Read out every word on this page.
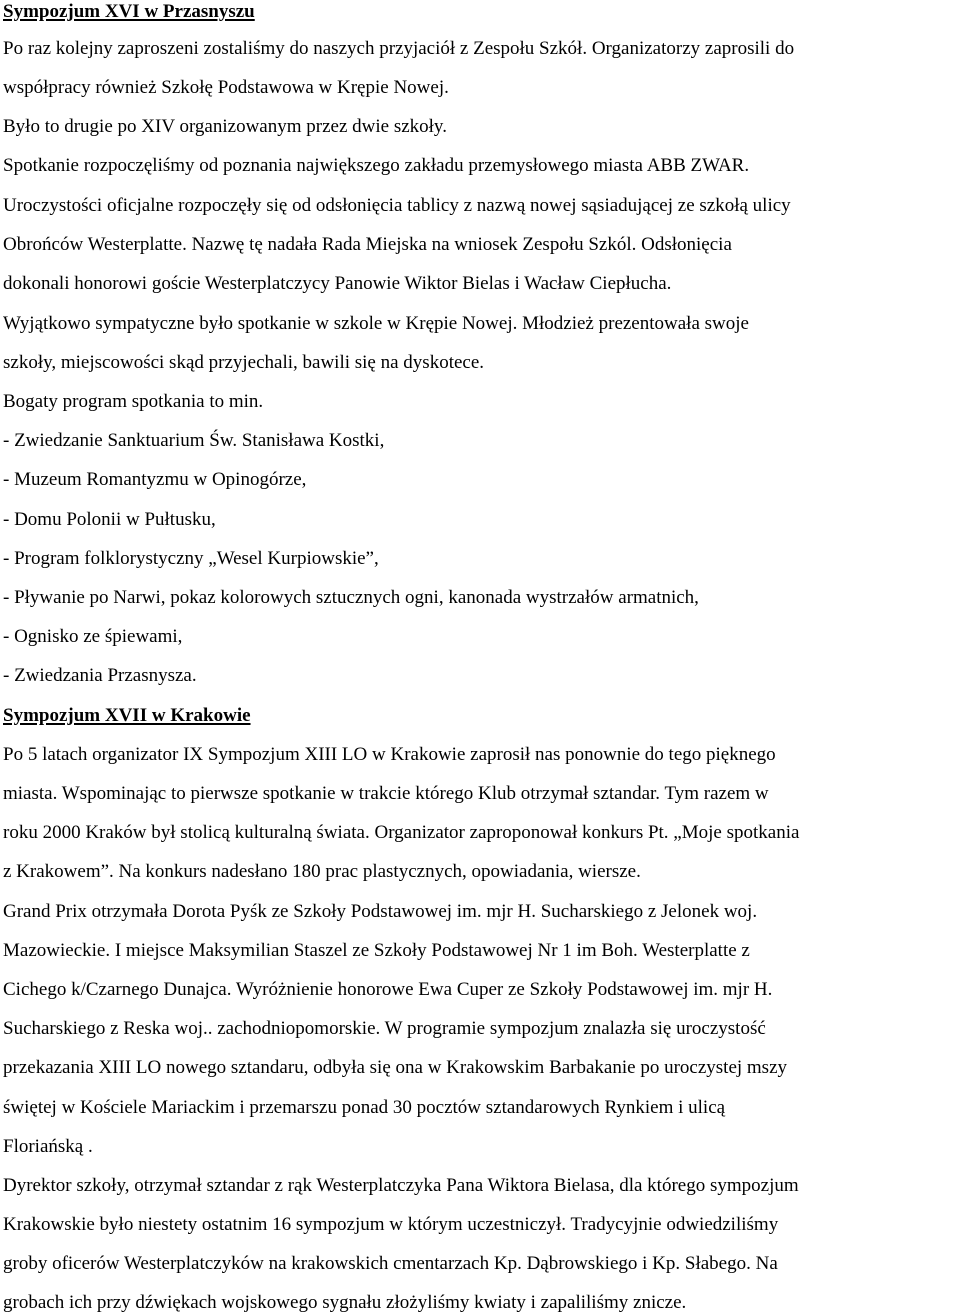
Sympozjum XVI w Przasnyszu
Po raz kolejny zaproszeni zostaliśmy do naszych przyjaciół z Zespołu Szkół. Organizatorzy zaprosili do
współpracy również Szkołę Podstawowa w Krępie Nowej.
Było to drugie po XIV organizowanym przez dwie szkoły.
Spotkanie rozpoczęliśmy od poznania największego zakładu przemysłowego miasta ABB ZWAR.
Uroczystości oficjalne rozpoczęły się od odsłonięcia tablicy z nazwą nowej sąsiadującej ze szkołą ulicy
Obrońców Westerplatte. Nazwę tę nadała Rada Miejska na wniosek Zespołu Szkól. Odsłonięcia
dokonali honorowi goście Westerplatczycy Panowie Wiktor Bielas i Wacław Ciepłucha.
Wyjątkowo sympatyczne było spotkanie w szkole w Krępie Nowej. Młodzież prezentowała swoje
szkoły, miejscowości skąd przyjechali, bawili się na dyskotece.
Bogaty program spotkania to min.
- Zwiedzanie Sanktuarium Św. Stanisława Kostki,
- Muzeum Romantyzmu w Opinogórze,
- Domu Polonii w Pułtusku,
- Program folklorystyczny „Wesel Kurpiowskie”,
- Pływanie po Narwi, pokaz kolorowych sztucznych ogni, kanonada wystrzałów armatnich,
- Ognisko ze śpiewami,
- Zwiedzania Przasnysza.
Sympozjum XVII w Krakowie
Po 5 latach organizator IX Sympozjum XIII LO w Krakowie zaprosił nas ponownie do tego pięknego
miasta. Wspominając to pierwsze spotkanie w trakcie którego Klub otrzymał sztandar. Tym razem w
roku 2000 Kraków był stolicą kulturalną świata. Organizator zaproponował konkurs Pt. „Moje spotkania
z Krakowem”. Na konkurs nadesłano 180 prac plastycznych, opowiadania, wiersze.
Grand Prix otrzymała Dorota Pyśk ze Szkoły Podstawowej im. mjr H. Sucharskiego z Jelonek woj.
Mazowieckie. I miejsce Maksymilian Staszel ze Szkoły Podstawowej Nr 1 im Boh. Westerplatte z
Cichego k/Czarnego Dunajca. Wyróżnienie honorowe Ewa Cuper ze Szkoły Podstawowej im. mjr H.
Sucharskiego z Reska woj.. zachodniopomorskie. W programie sympozjum znalazła się uroczystość
przekazania XIII LO nowego sztandaru, odbyła się ona w Krakowskim Barbakanie po uroczystej mszy
świętej w Kościele Mariackim i przemarszu ponad 30 pocztów sztandarowych Rynkiem i ulicą
Floriańską .
Dyrektor szkoły, otrzymał sztandar z rąk Westerplatczyka Pana Wiktora Bielasa, dla którego sympozjum
Krakowskie było niestety ostatnim 16 sympozjum w którym uczestniczył. Tradycyjnie odwiedziliśmy
groby oficerów Westerplatczyków na krakowskich cmentarzach Kp. Dąbrowskiego i Kp. Słabego. Na
grobach ich przy dźwiękach wojskowego sygnału złożyliśmy kwiaty i zapaliliśmy znicze.
